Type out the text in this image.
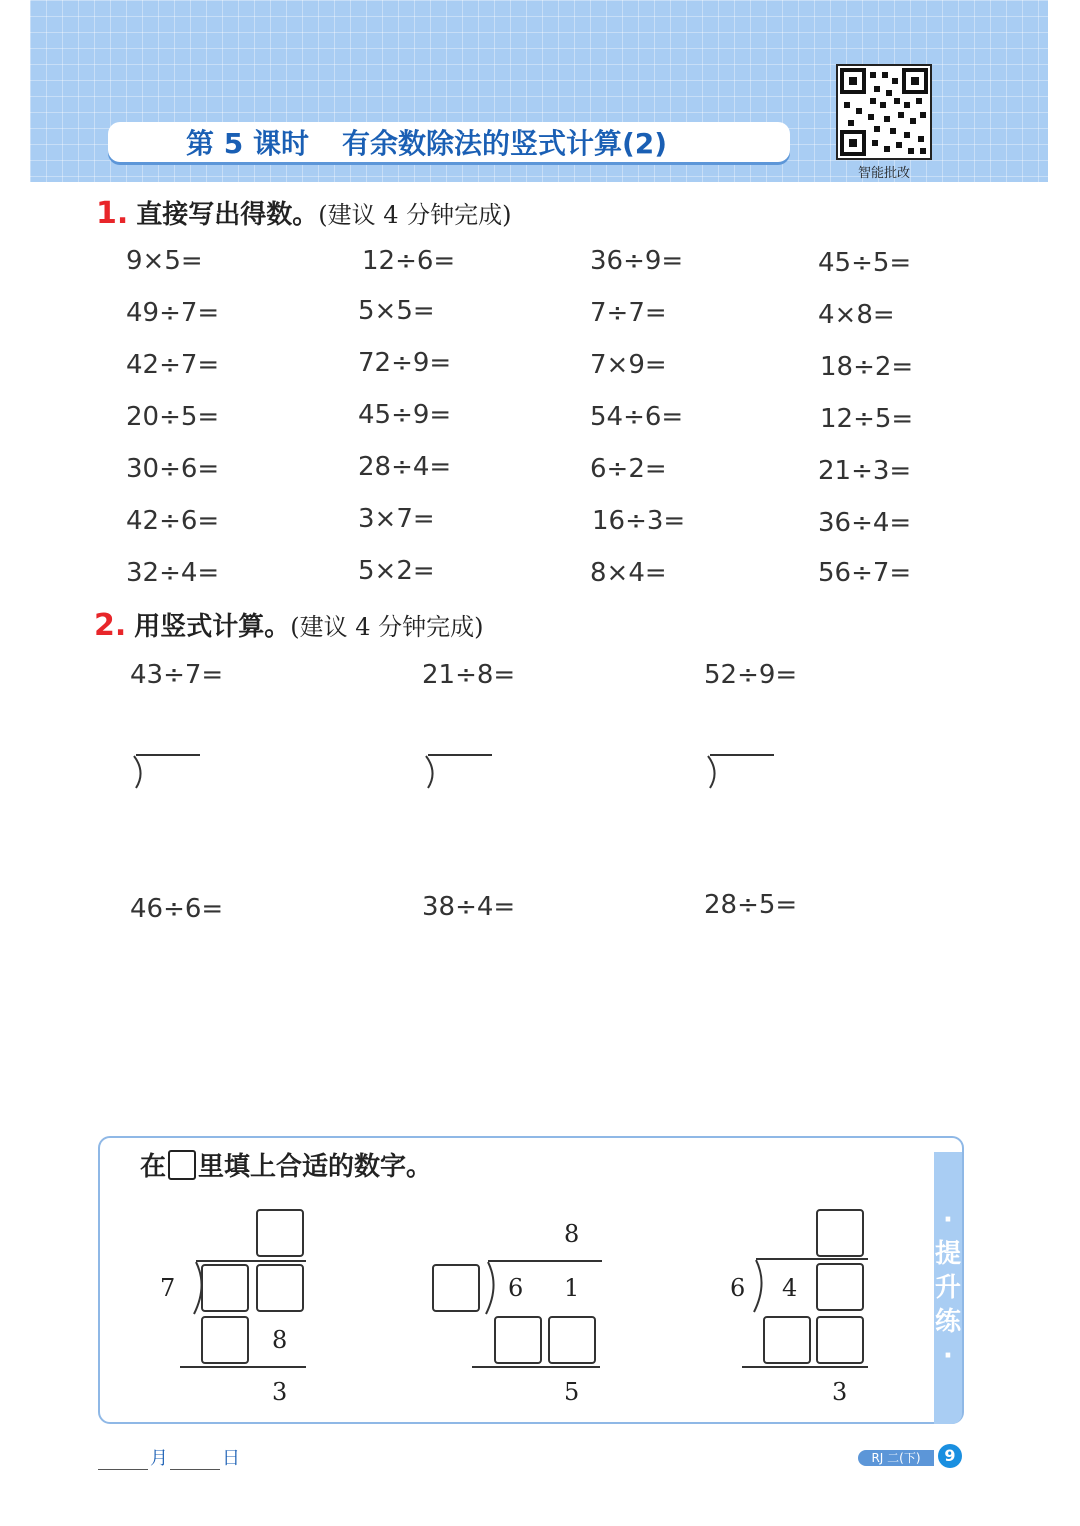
第 5 课时 有余数除法的竖式计算(2)
智能批改
1. 直接写出得数。 (建议 4 分钟完成)
9×5=	12÷6=	36÷9=	45÷5=
49÷7=	5×5=	7÷7=	4×8=
42÷7=	72÷9=	7×9=	18÷2=
20÷5=	45÷9=	54÷6=	12÷5=
30÷6=	28÷4=	6÷2=	21÷3=
42÷6=	3×7=	16÷3=	36÷4=
32÷4=	5×2=	8×4=	56÷7=
2. 用竖式计算。 (建议 4 分钟完成)
43÷7=	21÷8=	52÷9=
46÷6=	38÷4=	28÷5=
在 里填上合适的数字。
·
提
升
练
·
7
8
3
8
6 1
5
6 4
3
月	日	RJ 二(下)	9
